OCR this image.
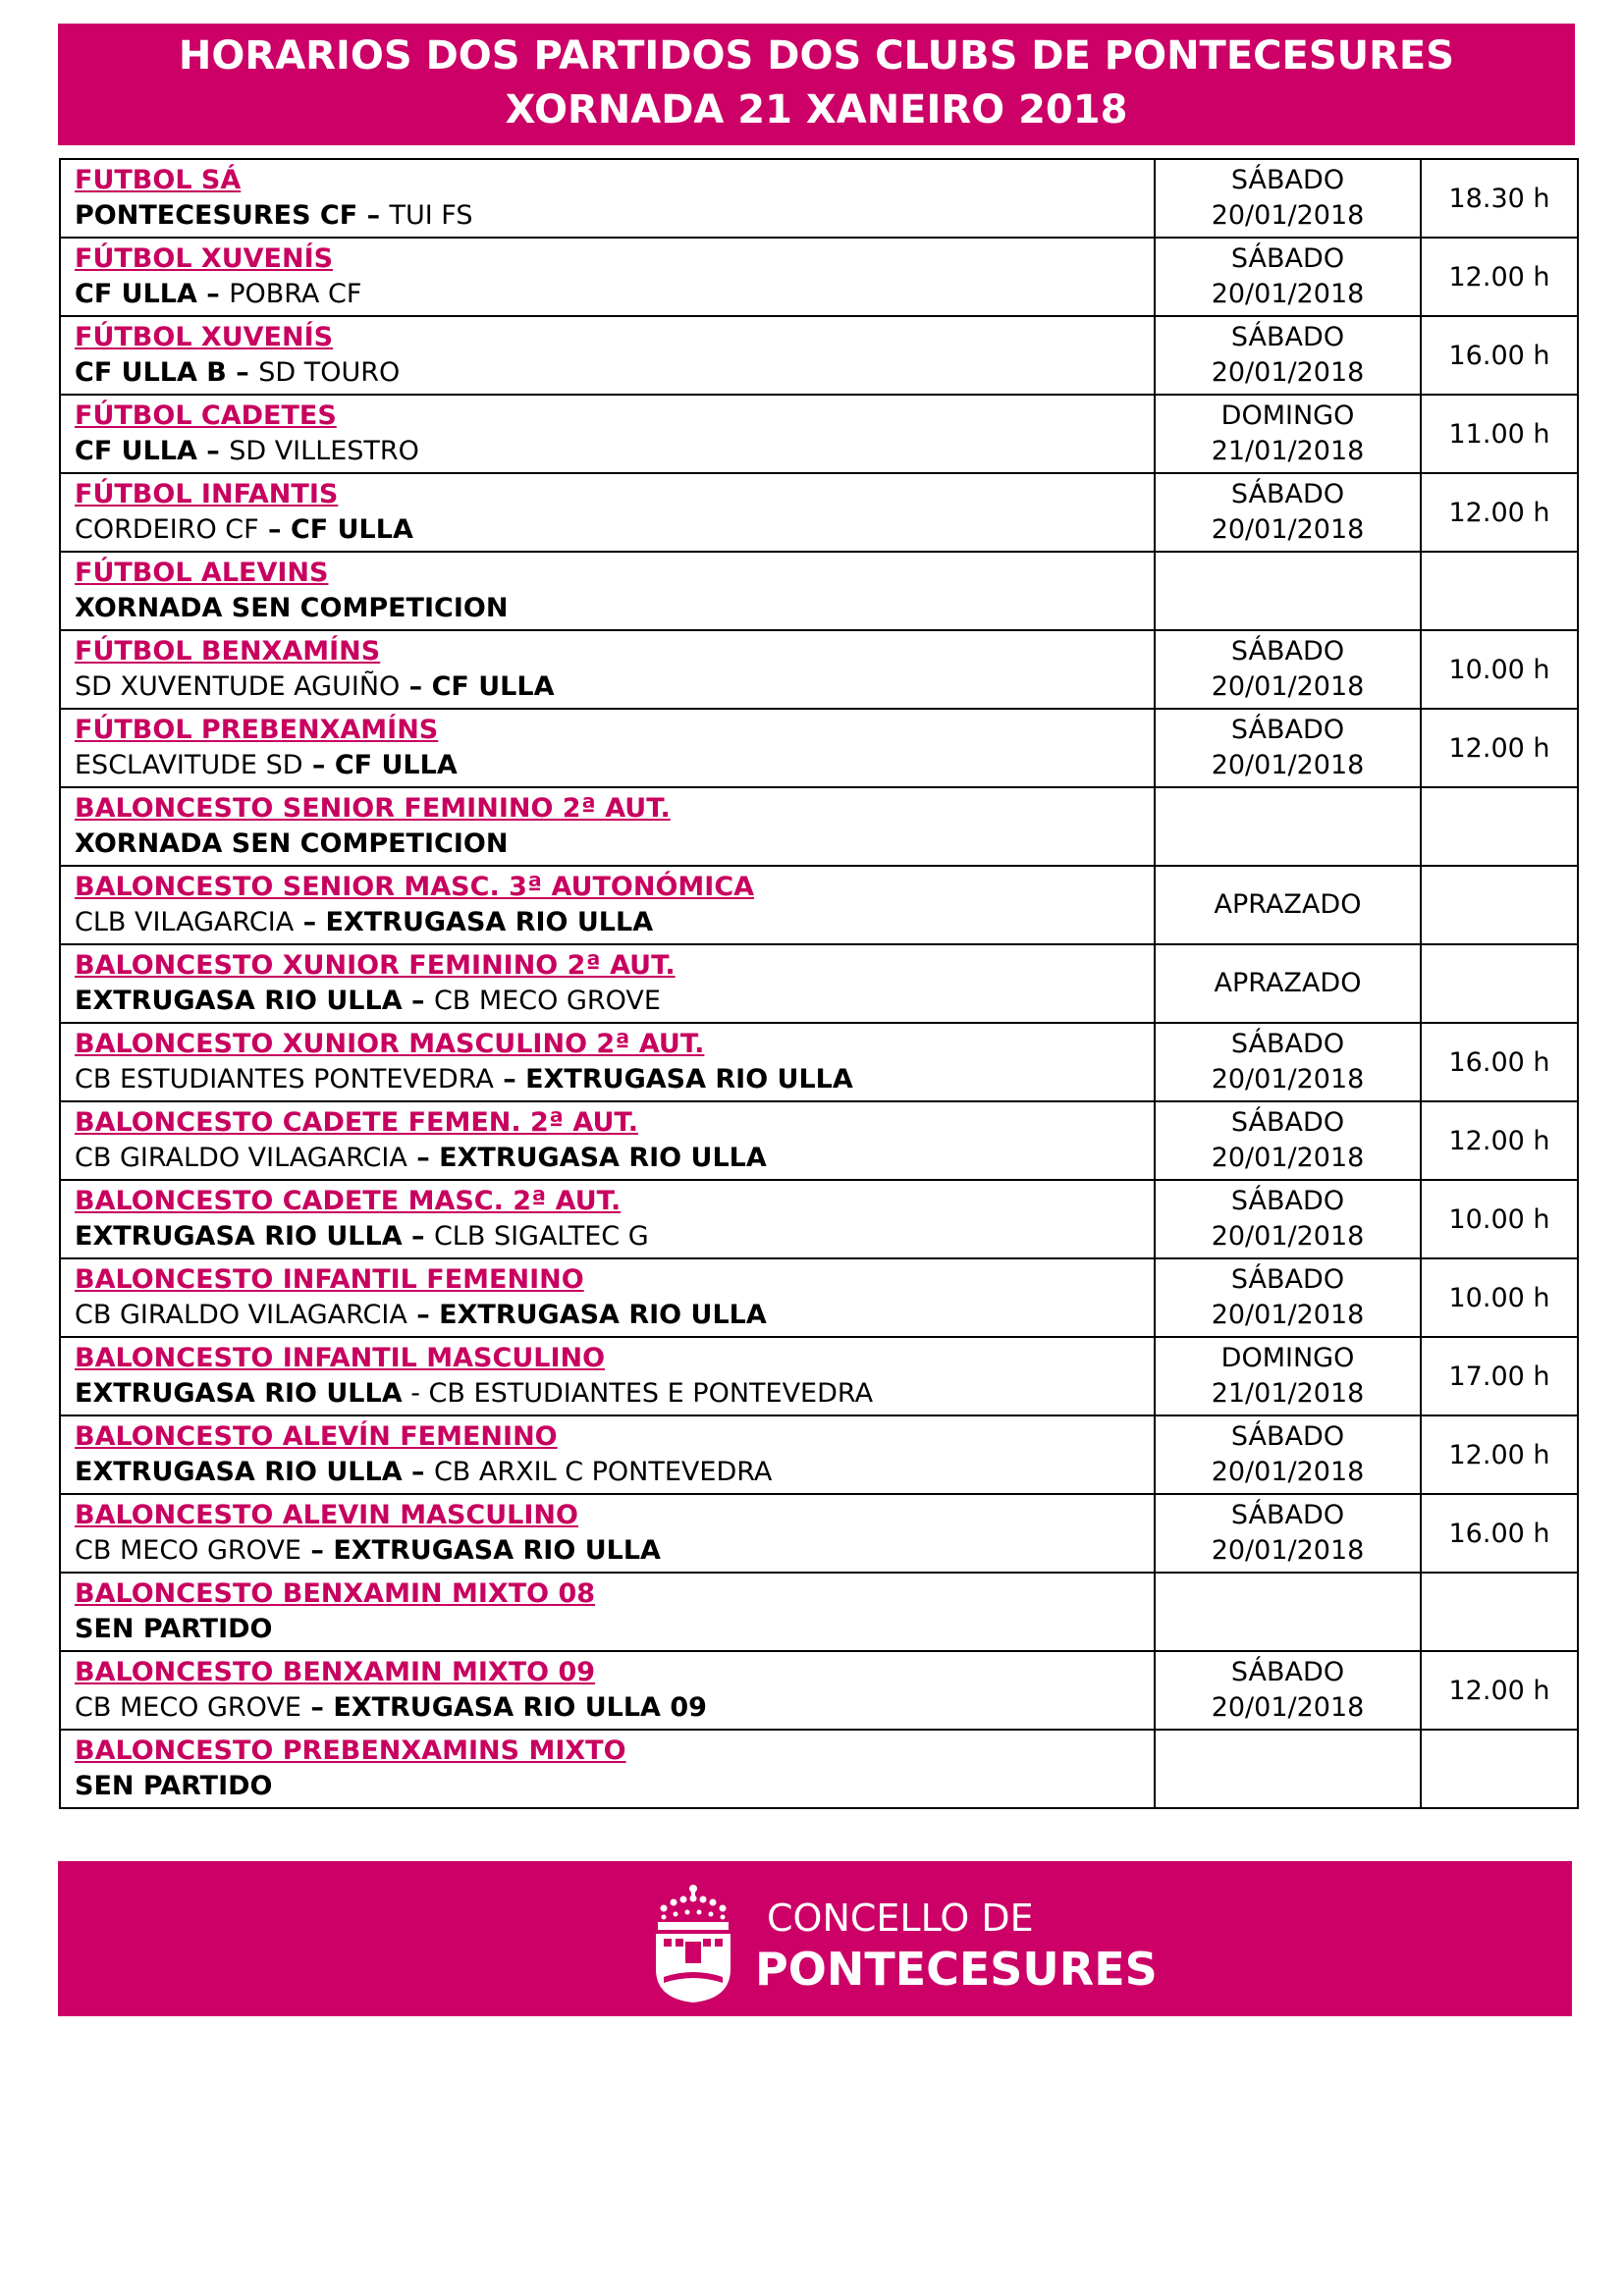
HORARIOS DOS PARTIDOS DOS CLUBS DE PONTECESURES
XORNADA 21 XANEIRO 2018
FUTBOL SÁ
PONTECESURES CF – TUI FS	SÁBADO
20/01/2018	18.30 h

FÚTBOL XUVENÍS
CF ULLA – POBRA CF	SÁBADO
20/01/2018	12.00 h

FÚTBOL XUVENÍS
CF ULLA B – SD TOURO	SÁBADO
20/01/2018	16.00 h

FÚTBOL CADETES
CF ULLA – SD VILLESTRO	DOMINGO
21/01/2018	11.00 h

FÚTBOL INFANTIS
CORDEIRO CF – CF ULLA	SÁBADO
20/01/2018	12.00 h

FÚTBOL ALEVINS
XORNADA SEN COMPETICION		

FÚTBOL BENXAMÍNS
SD XUVENTUDE AGUIÑO – CF ULLA	SÁBADO
20/01/2018	10.00 h

FÚTBOL PREBENXAMÍNS
ESCLAVITUDE SD – CF ULLA	SÁBADO
20/01/2018	12.00 h

BALONCESTO SENIOR FEMININO 2ª AUT.
XORNADA SEN COMPETICION		

BALONCESTO SENIOR MASC. 3ª AUTONÓMICA
CLB VILAGARCIA – EXTRUGASA RIO ULLA	APRAZADO	

BALONCESTO XUNIOR FEMININO 2ª AUT.
EXTRUGASA RIO ULLA – CB MECO GROVE	APRAZADO	

BALONCESTO XUNIOR MASCULINO 2ª AUT.
CB ESTUDIANTES PONTEVEDRA – EXTRUGASA RIO ULLA	SÁBADO
20/01/2018	16.00 h

BALONCESTO CADETE FEMEN. 2ª AUT.
CB GIRALDO VILAGARCIA – EXTRUGASA RIO ULLA	SÁBADO
20/01/2018	12.00 h

BALONCESTO CADETE MASC. 2ª AUT.
EXTRUGASA RIO ULLA – CLB SIGALTEC G	SÁBADO
20/01/2018	10.00 h

BALONCESTO INFANTIL FEMENINO
CB GIRALDO VILAGARCIA – EXTRUGASA RIO ULLA	SÁBADO
20/01/2018	10.00 h

BALONCESTO INFANTIL MASCULINO
EXTRUGASA RIO ULLA - CB ESTUDIANTES E PONTEVEDRA	DOMINGO
21/01/2018	17.00 h

BALONCESTO ALEVÍN FEMENINO
EXTRUGASA RIO ULLA – CB ARXIL C PONTEVEDRA	SÁBADO
20/01/2018	12.00 h

BALONCESTO ALEVIN MASCULINO
CB MECO GROVE – EXTRUGASA RIO ULLA	SÁBADO
20/01/2018	16.00 h

BALONCESTO BENXAMIN MIXTO 08
SEN PARTIDO		

BALONCESTO BENXAMIN MIXTO 09
CB MECO GROVE – EXTRUGASA RIO ULLA 09	SÁBADO
20/01/2018	12.00 h

BALONCESTO PREBENXAMINS MIXTO
SEN PARTIDO		

CONCELLO DE
PONTECESURES
